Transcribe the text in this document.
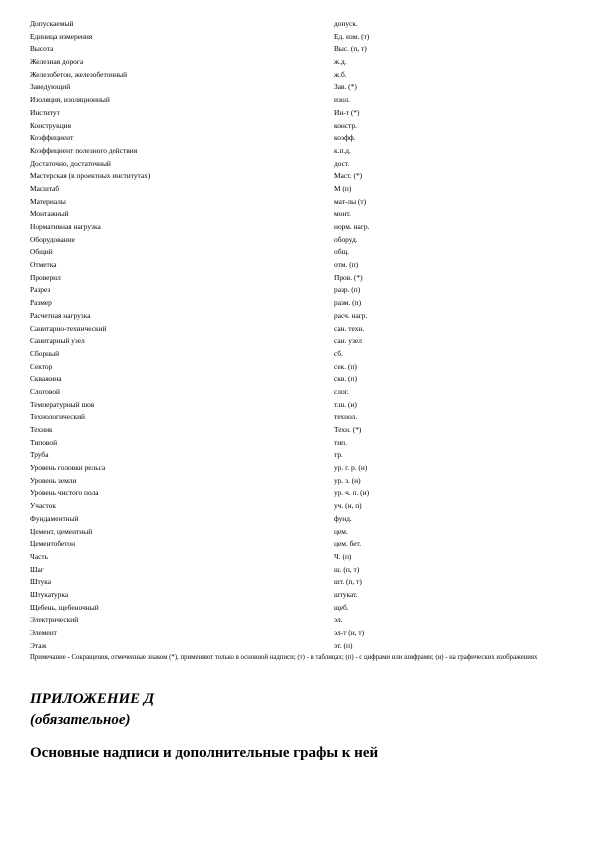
Допускаемый	допуск.
Единица измерения	Ед. изм. (т)
Высота	Выс. (п, т)
Железная дорога	ж.д.
Железобетон, железобетонный	ж.б.
Заведующий	Зав. (*)
Изоляция, изоляционный	изол.
Институт	Ин-т (*)
Конструкция	констр.
Коэффициент	коэфф.
Коэффициент полезного действия	к.п.д.
Достаточно, достаточный	дост.
Мастерская (в проектных институтах)	Маст. (*)
Масштаб	М (п)
Материалы	мат-лы (т)
Монтажный	монт.
Нормативная нагрузка	норм. нагр.
Оборудование	оборуд.
Общий	общ.
Отметка	отм. (п)
Проверил	Пров. (*)
Разрез	разр. (п)
Размер	разм. (п)
Расчетная нагрузка	расч. нагр.
Санитарно-технический	сан. техн.
Санитарный узел	сан. узел
Сборный	сб.
Сектор	сек. (п)
Скважина	скв. (п)
Слоговой	слог.
Температурный шов	т.ш. (и)
Технологический	технол.
Техник	Техн. (*)
Типовой	тип.
Труба	тр.
Уровень головки рельса	ур. г. р. (и)
Уровень земли	ур. з. (и)
Уровень чистого пола	ур. ч. п. (и)
Участок	уч. (и, п)
Фундаментный	фунд.
Цемент, цементный	цем.
Цементобетон	цем. бет.
Часть	Ч. (п)
Шаг	ш. (п, т)
Штука	шт. (п, т)
Штукатурка	штукат.
Щебень, щебеночный	щеб.
Электрический	эл.
Элемент	эл-т (и, т)
Этаж	эт. (п)
Примечание - Сокращения, отмеченные знаком (*), применяют только в основной надписи; (т) - в таблицах; (п) - с цифрами или шифрами; (и) - на графических изображениях
ПРИЛОЖЕНИЕ Д
(обязательное)
Основные надписи и дополнительные графы к ней
